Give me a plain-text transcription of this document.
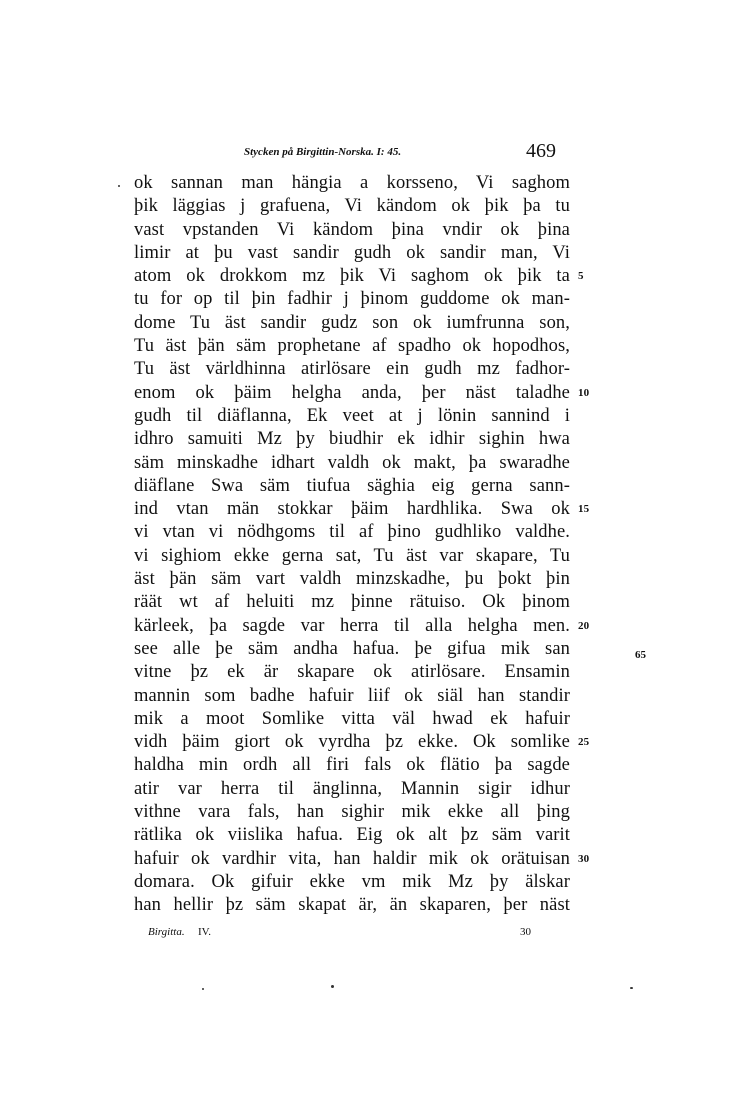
Stycken på Birgittin-Norska. I: 45.	469
ok sannan man hängia a korsseno, Vi saghom
þik läggias j grafuena, Vi kändom ok þik þa tu
vast vpstanden Vi kändom þina vndir ok þina
limir at þu vast sandir gudh ok sandir man, Vi
atom ok drokkom mz þik Vi saghom ok þik ta 5
tu for op til þin fadhir j þinom guddome ok man-
dome Tu äst sandir gudz son ok iumfrunna son,
Tu äst þän säm prophetane af spadho ok hopodhos,
Tu äst världhinna atirlösare ein gudh mz fadhor-
enom ok þäim helgha anda, þer näst taladhe 10
gudh til diäflanna, Ek veet at j lönin sannind i
idhro samuiti Mz þy biudhir ek idhir sighin hwa
säm minskadhe idhart valdh ok makt, þa swaradhe
diäflane Swa säm tiufua säghia eig gerna sann-
ind vtan män stokkar þäim hardhlika. Swa ok 15
vi vtan vi nödhgoms til af þino gudhliko valdhe.
vi sighiom ekke gerna sat, Tu äst var skapare, Tu
äst þän säm vart valdh minzskadhe, þu þokt þin
räät wt af heluiti mz þinne rätuiso. Ok þinom
kärleek, þa sagde var herra til alla helgha men. 20
see alle þe säm andha hafua. þe gifua mik san
vitne þz ek är skapare ok atirlösare. Ensamin
mannin som badhe hafuir liif ok siäl han standir
mik a moot Somlike vitta väl hwad ek hafuir
vidh þäim giort ok vyrdha þz ekke. Ok somlike 25
haldha min ordh all firi fals ok flätio þa sagde
atir var herra til änglinna, Mannin sigir idhur
vithne vara fals, han sighir mik ekke all þing
rätlika ok viislika hafua. Eig ok alt þz säm varit
hafuir ok vardhir vita, han haldir mik ok orätuisan 30
domara. Ok gifuir ekke vm mik Mz þy älskar
han hellir þz säm skapat är, än skaparen, þer näst
65
Birgitta. IV.	30
